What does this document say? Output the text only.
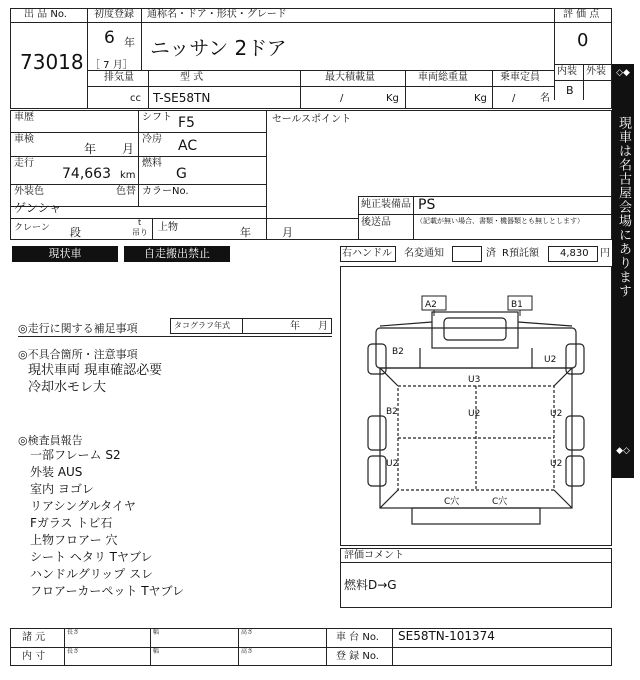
出 品 No.
73018
初度登録
6 年
［ 7 月］
通称名・ドア・形状・グレード
ニッサン 2ドア
評 価 点
0
内装 外装
B
排気量
cc
型 式
T-SE58TN
最大積載量
/	Kg
車両総重量
Kg
乗車定員
/ 名
車歴
車検
年 月
走行
74,663 km
シフト F5
冷房 AC
燃料
G
外装色
ゲンシャ
色替 カラーNo.
クレーン 段
t
吊り 上物	年	月
セールスポイント
純正装備品 PS
後送品	（記載が無い場合、書類・機器類とも無しとします）
現状車	自走搬出禁止	右ハンドル 名変通知	済 R預託額 4,830 円
◎走行に関する補足事項	タコグラフ年式	年 月
◎不具合箇所・注意事項
現状車両 現車確認必要
冷却水モレ大
◎検査員報告
一部フレーム S2
外装 AUS
室内 ヨゴレ
リアシングルタイヤ
Fガラス トビ石
上物フロアー 穴
シート ヘタリ Tヤブレ
ハンドルグリップ スレ
フロアーカーペット Tヤブレ
A2	B1
B2
U3
U2
U2
B2	U2
U2	U2
C穴	C穴
評価コメント
燃料D→G
諸 元
内 寸
長さ	幅	高さ
長さ	幅	高さ
車 台 No. SE58TN-101374
登 録 No.
◇◆
現車は名古屋会場にあります
◆◇
